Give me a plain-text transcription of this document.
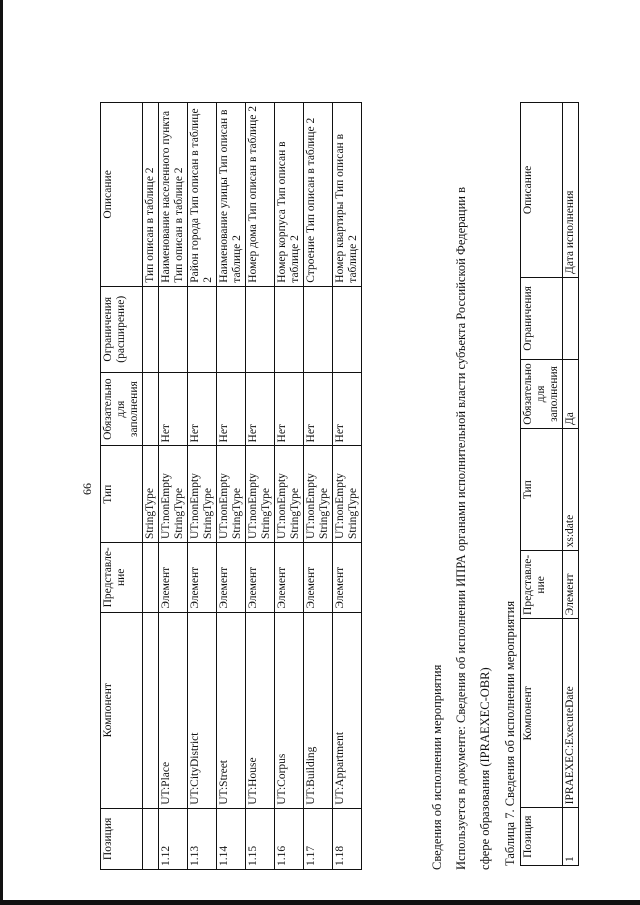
66
Позиция	Компонент	Представле-ние	Тип	Обязательно для заполнения	Ограничения (расширение)	Описание
			StringType			Тип описан в таблице 2
1.12	UT:Place	Элемент	UT:nonEmpty StringType	Нет		Наименование населенного пункта Тип описан в таблице 2
1.13	UT:CityDistrict	Элемент	UT:nonEmpty StringType	Нет		Район города Тип описан в таблице 2
1.14	UT:Street	Элемент	UT:nonEmpty StringType	Нет		Наименование улицы Тип описан в таблице 2
1.15	UT:House	Элемент	UT:nonEmpty StringType	Нет		Номер дома Тип описан в таблице 2
1.16	UT:Corpus	Элемент	UT:nonEmpty StringType	Нет		Номер корпуса Тип описан в таблице 2
1.17	UT:Building	Элемент	UT:nonEmpty StringType	Нет		Строение Тип описан в таблице 2
1.18	UT:Appartment	Элемент	UT:nonEmpty StringType	Нет		Номер квартиры Тип описан в таблице 2
Сведения об исполнении мероприятия Используется в документе: Сведения об исполнении ИПРА органами исполнительной власти субъекта Российской Федерации в сфере образования (IPRAEXEC-OBR) Таблица 7. Сведения об исполнении мероприятия Позиция	Компонент	Представле-ние	Тип	Обязательно для заполнения	Ограничения	Описание
1	IPRAEXEC:ExecuteDate	Элемент	xs:date	Да		Дата исполнения
